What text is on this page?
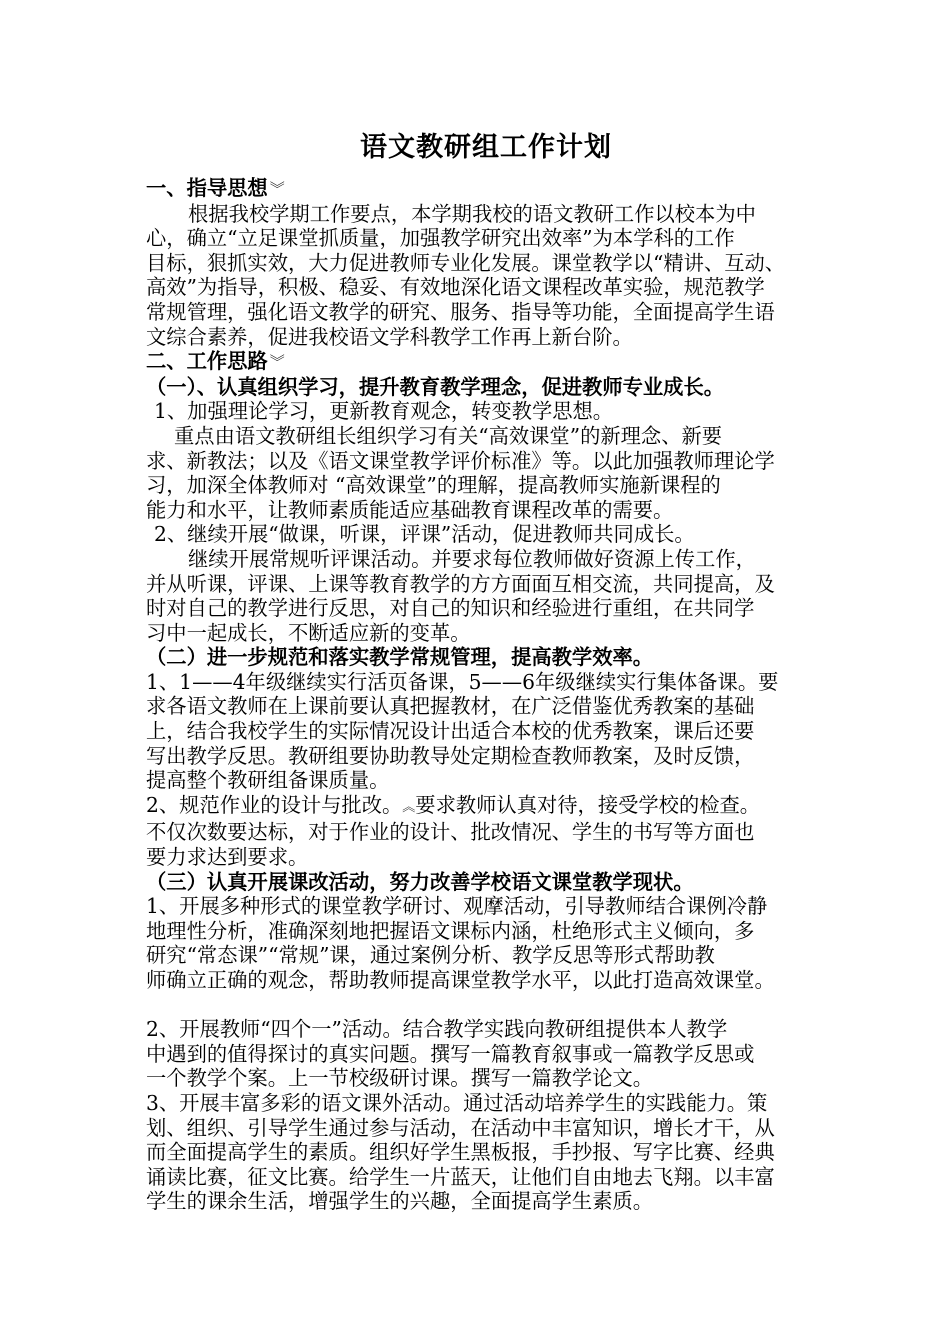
语文教研组工作计划
一、指导思想 ︾
根据我校学期工作要点，本学期我校的语文教研工作以校本为中
心，确立“立足课堂抓质量，加强教学研究出效率”为本学科的工作
目标，狠抓实效，大力促进教师专业化发展。课堂教学以“精讲、互动、
高效”为指导，积极、稳妥、有效地深化语文课程改革实验，规范教学
常规管理，强化语文教学的研究、服务、指导等功能，全面提高学生语
文综合素养，促进我校语文学科教学工作再上新台阶。
二、工作思路 ︾
（一）、认真组织学习，提升教育教学理念，促进教师专业成长。
1、加强理论学习，更新教育观念，转变教学思想。
重点由语文教研组长组织学习有关“高效课堂”的新理念、新要
求、新教法；以及《语文课堂教学评价标准》等。以此加强教师理论学
习，加深全体教师对 “高效课堂”的理解，提高教师实施新课程的
能力和水平，让教师素质能适应基础教育课程改革的需要。
2、继续开展“做课，听课，评课”活动，促进教师共同成长。
继续开展常规听评课活动。并要求每位教师做好资源上传工作，
并从听课，评课、上课等教育教学的方方面面互相交流，共同提高，及
时对自己的教学进行反思，对自己的知识和经验进行重组，在共同学
习中一起成长，不断适应新的变革。
（二）进一步规范和落实教学常规管理，提高教学效率。
1、1——4年级继续实行活页备课，5——6年级继续实行集体备课。要
求各语文教师在上课前要认真把握教材，在广泛借鉴优秀教案的基础
上，结合我校学生的实际情况设计出适合本校的优秀教案，课后还要
写出教学反思。教研组要协助教导处定期检查教师教案，及时反馈，
提高整个教研组备课质量。
2、规范作业的设计与批改。︽要求教师认真对待，接受学校的检查。
不仅次数要达标，对于作业的设计、批改情况、学生的书写等方面也
要力求达到要求。
（三）认真开展课改活动，努力改善学校语文课堂教学现状。
1、开展多种形式的课堂教学研讨、观摩活动，引导教师结合课例冷静
地理性分析，准确深刻地把握语文课标内涵，杜绝形式主义倾向，多
研究“常态课”“常规”课，通过案例分析、教学反思等形式帮助教
师确立正确的观念，帮助教师提高课堂教学水平，以此打造高效课堂。
2、开展教师“四个一”活动。结合教学实践向教研组提供本人教学
中遇到的值得探讨的真实问题。撰写一篇教育叙事或一篇教学反思或
一个教学个案。上一节校级研讨课。撰写一篇教学论文。
3、开展丰富多彩的语文课外活动。通过活动培养学生的实践能力。策
划、组织、引导学生通过参与活动，在活动中丰富知识，增长才干，从
而全面提高学生的素质。组织好学生黑板报，手抄报、写字比赛、经典
诵读比赛，征文比赛。给学生一片蓝天，让他们自由地去飞翔。以丰富
学生的课余生活，增强学生的兴趣，全面提高学生素质。
